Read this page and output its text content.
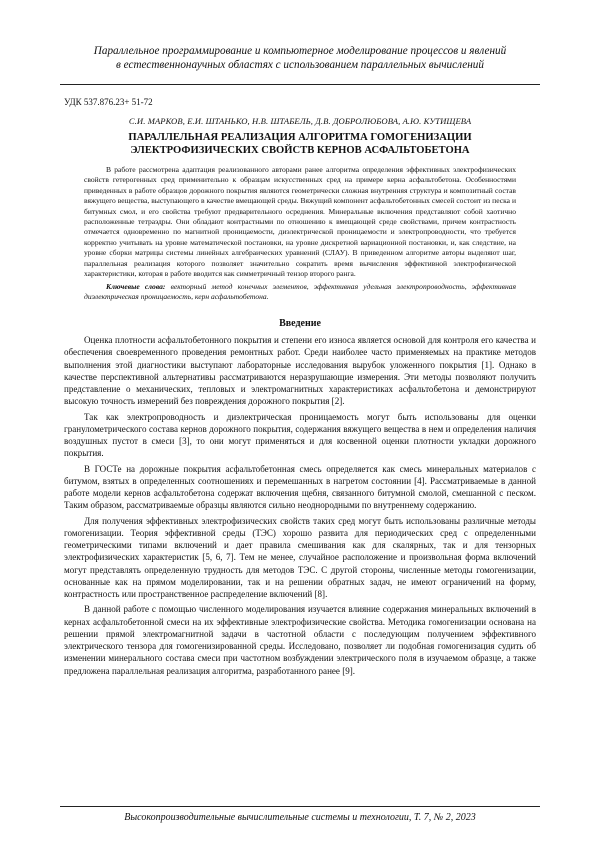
Параллельное программирование и компьютерное моделирование процессов и явлений
в естественнонаучных областях с использованием параллельных вычислений
УДК 537.876.23+ 51-72
С.И. МАРКОВ, Е.И. ШТАНЬКО, Н.В. ШТАБЕЛЬ, Д.В. ДОБРОЛЮБОВА, А.Ю. КУТИЩЕВА
ПАРАЛЛЕЛЬНАЯ РЕАЛИЗАЦИЯ АЛГОРИТМА ГОМОГЕНИЗАЦИИ
ЭЛЕКТРОФИЗИЧЕСКИХ СВОЙСТВ КЕРНОВ АСФАЛЬТОБЕТОНА
В работе рассмотрена адаптация реализованного авторами ранее алгоритма определения эффективных электрофизических свойств гетерогенных сред применительно к образцам искусственных сред на примере керна асфальтобетона. Особенностями приведенных в работе образцов дорожного покрытия являются геометрически сложная внутренняя структура и композитный состав вяжущего вещества, выступающего в качестве вмещающей среды. Вяжущий компонент асфальтобетонных смесей состоит из песка и битумных смол, и его свойства требуют предварительного осреднения. Минеральные включения представляют собой хаотично расположенные тетраэдры. Они обладают контрастными по отношению к вмещающей среде свойствами, причем контрастность отмечается одновременно по магнитной проницаемости, диэлектрической проницаемости и электропроводности, что требуется корректно учитывать на уровне математической постановки, на уровне дискретной вариационной постановки, и, как следствие, на уровне сборки матрицы системы линейных алгебраических уравнений (СЛАУ). В приведенном алгоритме авторы выделяют шаг, параллельная реализация которого позволяет значительно сократить время вычисления эффективной электрофизической характеристики, которая в работе вводится как симметричный тензор второго ранга.
Ключевые слова: векторный метод конечных элементов, эффективная удельная электропроводность, эффективная диэлектрическая проницаемость, керн асфальтобетона.
Введение

Оценка плотности асфальтобетонного покрытия и степени его износа является основой для контроля его качества и обеспечения своевременного проведения ремонтных работ. Среди наиболее часто применяемых на практике методов выполнения этой диагностики выступают лабораторные исследования вырубок уложенного покрытия [1]. Однако в качестве перспективной альтернативы рассматриваются неразрушающие измерения. Эти методы позволяют получить представление о механических, тепловых и электромагнитных характеристиках асфальтобетона и демонстрируют высокую точность измерений без повреждения дорожного покрытия [2].

Так как электропроводность и диэлектрическая проницаемость могут быть использованы для оценки гранулометрического состава кернов дорожного покрытия, содержания вяжущего вещества в нем и определения наличия воздушных пустот в смеси [3], то они могут применяться и для косвенной оценки плотности укладки дорожного покрытия.

В ГОСТе на дорожные покрытия асфальтобетонная смесь определяется как смесь минеральных материалов с битумом, взятых в определенных соотношениях и перемешанных в нагретом состоянии [4]. Рассматриваемые в данной работе модели кернов асфальтобетона содержат включения щебня, связанного битумной смолой, смешанной с песком. Таким образом, рассматриваемые образцы являются сильно неоднородными по внутреннему содержанию.

Для получения эффективных электрофизических свойств таких сред могут быть использованы различные методы гомогенизации. Теория эффективной среды (ТЭС) хорошо развита для периодических сред с определенными геометрическими типами включений и дает правила смешивания как для скалярных, так и для тензорных электрофизических характеристик [5, 6, 7]. Тем не менее, случайное расположение и произвольная форма включений могут представлять определенную трудность для методов ТЭС. С другой стороны, численные методы гомогенизации, основанные как на прямом моделировании, так и на решении обратных задач, не имеют ограничений на форму, контрастность или пространственное распределение включений [8].

В данной работе с помощью численного моделирования изучается влияние содержания минеральных включений в кернах асфальтобетонной смеси на их эффективные электрофизические свойства. Методика гомогенизации основана на решении прямой электромагнитной задачи в частотной области с последующим получением эффективного электрического тензора для гомогенизированной среды. Исследовано, позволяет ли подобная гомогенизация судить об изменении минерального состава смеси при частотном возбуждении электрического поля в изучаемом образце, а также предложена параллельная реализация алгоритма, разработанного ранее [9].

Высокопроизводительные вычислительные системы и технологии, Т. 7, № 2, 2023
